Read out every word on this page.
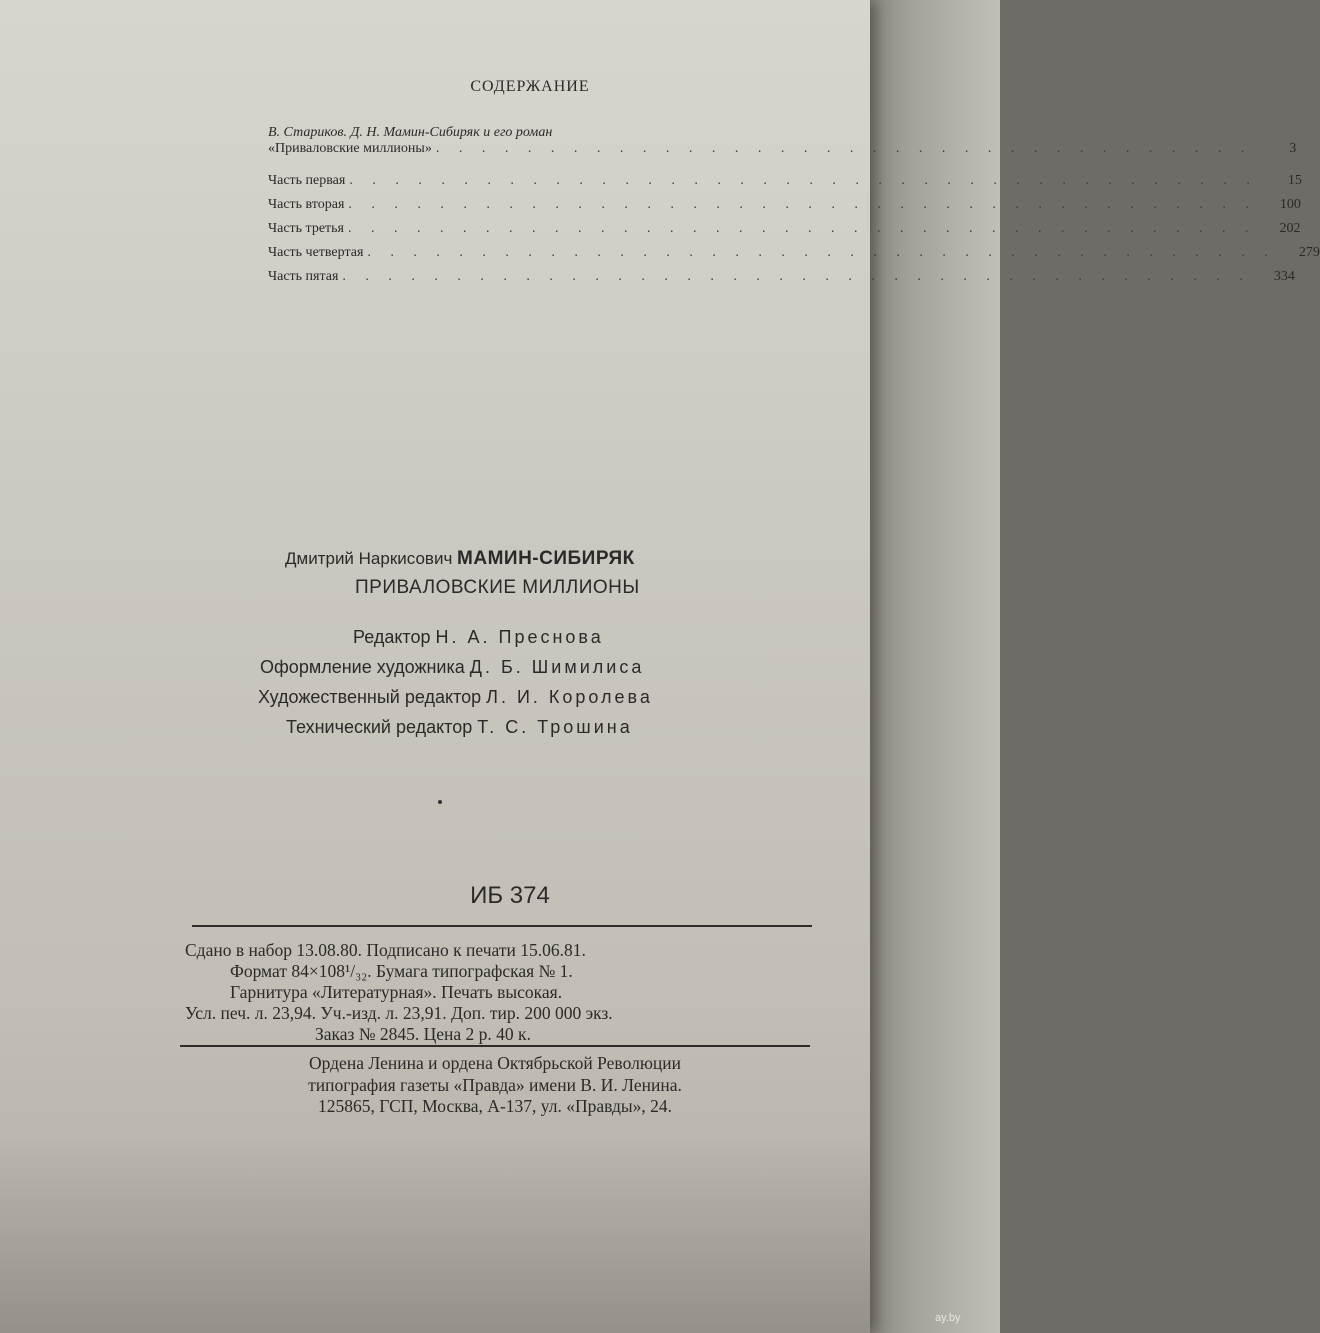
СОДЕРЖАНИЕ
В. Стариков. Д. Н. Мамин-Сибиряк и его роман
«Приваловские миллионы» . . . . . . . . . . . . . . . . . . . . . . . . . . . . . . . . . . . .	3
Часть первая . . . . . . . . . . . . . . . . . . . . . . . . . . . . . . . . . . . . . . . .	15
Часть вторая . . . . . . . . . . . . . . . . . . . . . . . . . . . . . . . . . . . . . . . .	100
Часть третья . . . . . . . . . . . . . . . . . . . . . . . . . . . . . . . . . . . . . . . .	202
Часть четвертая . . . . . . . . . . . . . . . . . . . . . . . . . . . . . . . . . . . . . . . .	279
Часть пятая . . . . . . . . . . . . . . . . . . . . . . . . . . . . . . . . . . . . . . . .	334
Дмитрий Наркисович МАМИН-СИБИРЯК
ПРИВАЛОВСКИЕ МИЛЛИОНЫ
Редактор Н. А. Преснова
Оформление художника Д. Б. Шимилиса
Художественный редактор Л. И. Королева
Технический редактор Т. С. Трошина
ИБ 374
Сдано в набор 13.08.80. Подписано к печати 15.06.81.
Формат 84×108¹/₃₂. Бумага типографская № 1.
Гарнитура «Литературная». Печать высокая.
Усл. печ. л. 23,94. Уч.-изд. л. 23,91. Доп. тир. 200 000 экз.
Заказ № 2845. Цена 2 р. 40 к.
Ордена Ленина и ордена Октябрьской Революции
типография газеты «Правда» имени В. И. Ленина.
125865, ГСП, Москва, А-137, ул. «Правды», 24.
ay.by
